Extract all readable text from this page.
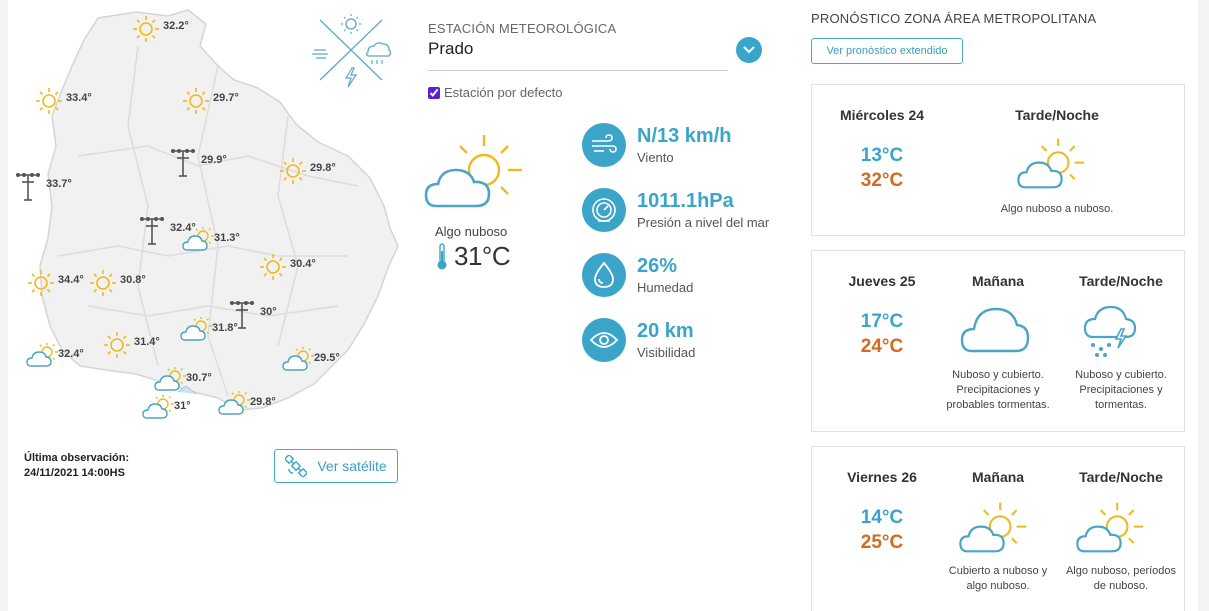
32.2°
33.4°	29.7°
29.9°
33.7°
29.8°
32.4°
31.3°
30.4°
34.4°	30.8°
30°
31.8°
31.4°
32.4°	29.5°
30.7°
31°	29.8°
Última observación:
24/11/2021 14:00HS	Ver satélite
ESTACIÓN METEOROLÓGICA
Prado
Estación por defecto
Algo nuboso
31°C
N/13 km/h
Viento
1011.1hPa
Presión a nivel del mar
26%
Humedad
20 km
Visibilidad
PRONÓSTICO ZONA ÁREA METROPOLITANA
Ver pronóstico extendido
Miércoles 24
13°C
32°C
Tarde/Noche
Algo nuboso a nuboso.
Jueves 25
17°C
24°C
Mañana
Nuboso y cubierto. Precipitaciones y probables tormentas.
Tarde/Noche
Nuboso y cubierto. Precipitaciones y tormentas.
Viernes 26
14°C
25°C
Mañana
Cubierto a nuboso y algo nuboso.
Tarde/Noche
Algo nuboso, períodos de nuboso.
